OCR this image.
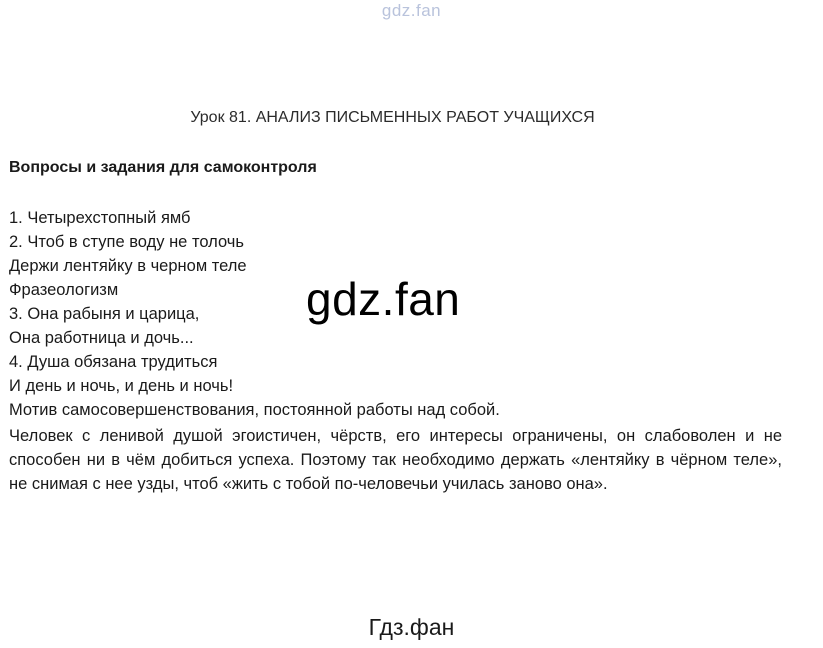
gdz.fan
Урок 81. АНАЛИЗ ПИСЬМЕННЫХ РАБОТ УЧАЩИХСЯ
Вопросы и задания для самоконтроля
1. Четырехстопный ямб
2. Чтоб в ступе воду не толочь
Держи лентяйку в черном теле
Фразеологизм
3. Она рабыня и царица,
Она работница и дочь...
4. Душа обязана трудиться
И день и ночь, и день и ночь!
Мотив самосовершенствования, постоянной работы над собой.

Человек с ленивой душой эгоистичен, чёрств, его интересы ограничены, он слабоволен и не способен ни в чём добиться успеха. Поэтому так необходимо держать «лентяйку в чёрном теле», не снимая с нее узды, чтоб «жить с тобой по-человечьи училась заново она».

gdz.fan
Гдз.фан
